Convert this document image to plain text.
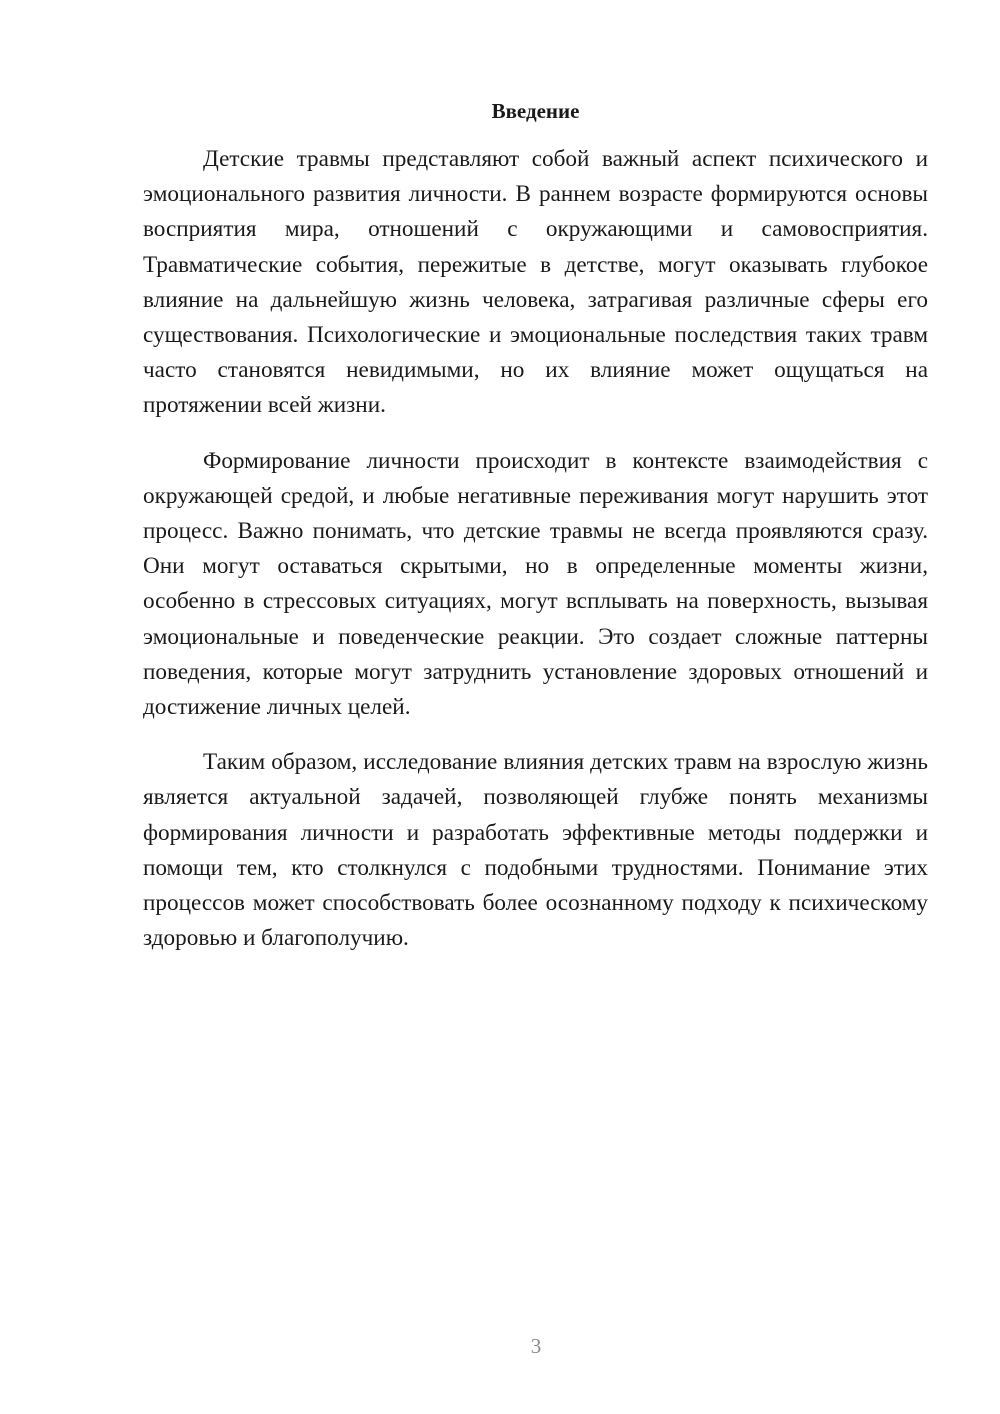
Введение

Детские травмы представляют собой важный аспект психического и эмоционального развития личности. В раннем возрасте формируются основы восприятия мира, отношений с окружающими и самовосприятия. Травматические события, пережитые в детстве, могут оказывать глубокое влияние на дальнейшую жизнь человека, затрагивая различные сферы его существования. Психологические и эмоциональные последствия таких травм часто становятся невидимыми, но их влияние может ощущаться на протяжении всей жизни.

Формирование личности происходит в контексте взаимодействия с окружающей средой, и любые негативные переживания могут нарушить этот процесс. Важно понимать, что детские травмы не всегда проявляются сразу. Они могут оставаться скрытыми, но в определенные моменты жизни, особенно в стрессовых ситуациях, могут всплывать на поверхность, вызывая эмоциональные и поведенческие реакции. Это создает сложные паттерны поведения, которые могут затруднить установление здоровых отношений и достижение личных целей.

Таким образом, исследование влияния детских травм на взрослую жизнь является актуальной задачей, позволяющей глубже понять механизмы формирования личности и разработать эффективные методы поддержки и помощи тем, кто столкнулся с подобными трудностями. Понимание этих процессов может способствовать более осознанному подходу к психическому здоровью и благополучию.

3
